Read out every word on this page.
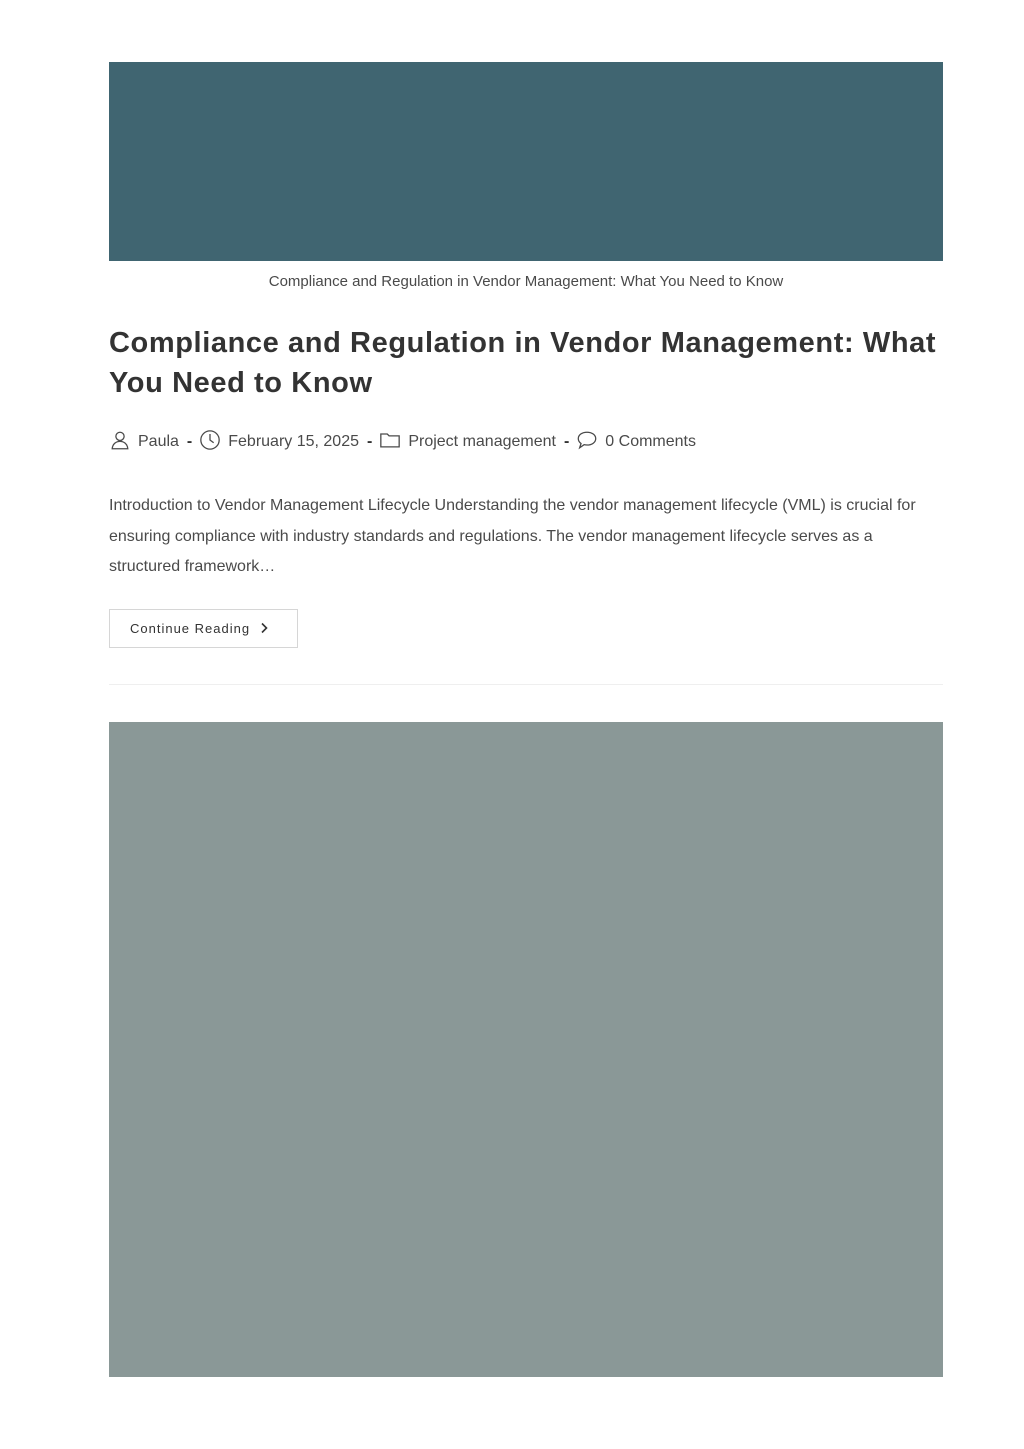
Compliance and Regulation in Vendor Management: What You Need to Know
Compliance and Regulation in Vendor Management: What You Need to Know
Paula - February 15, 2025 - Project management - 0 Comments
Introduction to Vendor Management Lifecycle Understanding the vendor management lifecycle (VML) is crucial for ensuring compliance with industry standards and regulations. The vendor management lifecycle serves as a structured framework…
Continue Reading
